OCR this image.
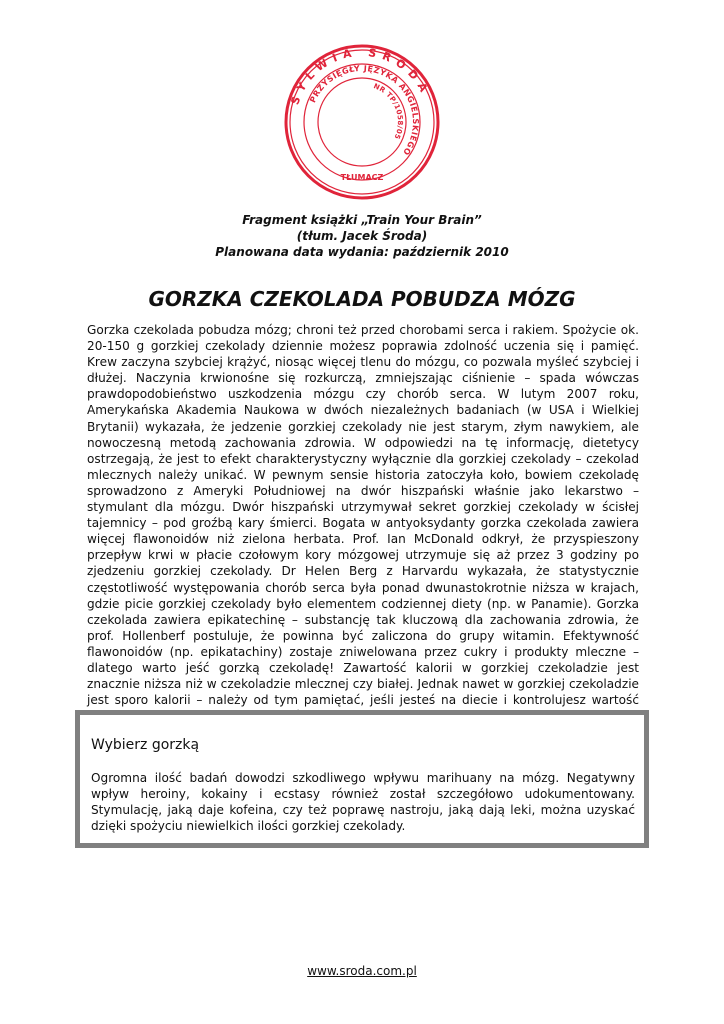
SYLWIA ŚRODA
PRZYSIĘGŁY JĘZYKA ANGIELSKIEGO
NR TP/1058/05
TŁUMACZ
Fragment książki „Train Your Brain”
(tłum. Jacek Środa)
Planowana data wydania: październik 2010
GORZKA CZEKOLADA POBUDZA MÓZG

Gorzka czekolada pobudza mózg; chroni też przed chorobami serca i rakiem. Spożycie ok. 20-150 g gorzkiej czekolady dziennie możesz poprawia zdolność uczenia się i pamięć. Krew zaczyna szybciej krążyć, niosąc więcej tlenu do mózgu, co pozwala myśleć szybciej i dłużej. Naczynia krwionośne się rozkurczą, zmniejszając ciśnienie – spada wówczas prawdopodobieństwo uszkodzenia mózgu czy chorób serca. W lutym 2007 roku, Amerykańska Akademia Naukowa w dwóch niezależnych badaniach (w USA i Wielkiej Brytanii) wykazała, że jedzenie gorzkiej czekolady nie jest starym, złym nawykiem, ale nowoczesną metodą zachowania zdrowia. W odpowiedzi na tę informację, dietetycy ostrzegają, że jest to efekt charakterystyczny wyłącznie dla gorzkiej czekolady – czekolad mlecznych należy unikać. W pewnym sensie historia zatoczyła koło, bowiem czekoladę sprowadzono z Ameryki Południowej na dwór hiszpański właśnie jako lekarstwo – stymulant dla mózgu. Dwór hiszpański utrzymywał sekret gorzkiej czekolady w ścisłej tajemnicy – pod groźbą kary śmierci. Bogata w antyoksydanty gorzka czekolada zawiera więcej flawonoidów niż zielona herbata. Prof. Ian McDonald odkrył, że przyspieszony przepływ krwi w płacie czołowym kory mózgowej utrzymuje się aż przez 3 godziny po zjedzeniu gorzkiej czekolady. Dr Helen Berg z Harvardu wykazała, że statystycznie częstotliwość występowania chorób serca była ponad dwunastokrotnie niższa w krajach, gdzie picie gorzkiej czekolady było elementem codziennej diety (np. w Panamie). Gorzka czekolada zawiera epikatechinę – substancję tak kluczową dla zachowania zdrowia, że prof. Hollenberf postuluje, że powinna być zaliczona do grupy witamin. Efektywność flawonoidów (np. epikatachiny) zostaje zniwelowana przez cukry i produkty mleczne – dlatego warto jeść gorzką czekoladę! Zawartość kalorii w gorzkiej czekoladzie jest znacznie niższa niż w czekoladzie mlecznej czy białej. Jednak nawet w gorzkiej czekoladzie jest sporo kalorii – należy od tym pamiętać, jeśli jesteś na diecie i kontrolujesz wartość

Wybierz gorzką

Ogromna ilość badań dowodzi szkodliwego wpływu marihuany na mózg. Negatywny wpływ heroiny, kokainy i ecstasy również został szczegółowo udokumentowany. Stymulację, jaką daje kofeina, czy też poprawę nastroju, jaką dają leki, można uzyskać dzięki spożyciu niewielkich ilości gorzkiej czekolady.

www.sroda.com.pl
